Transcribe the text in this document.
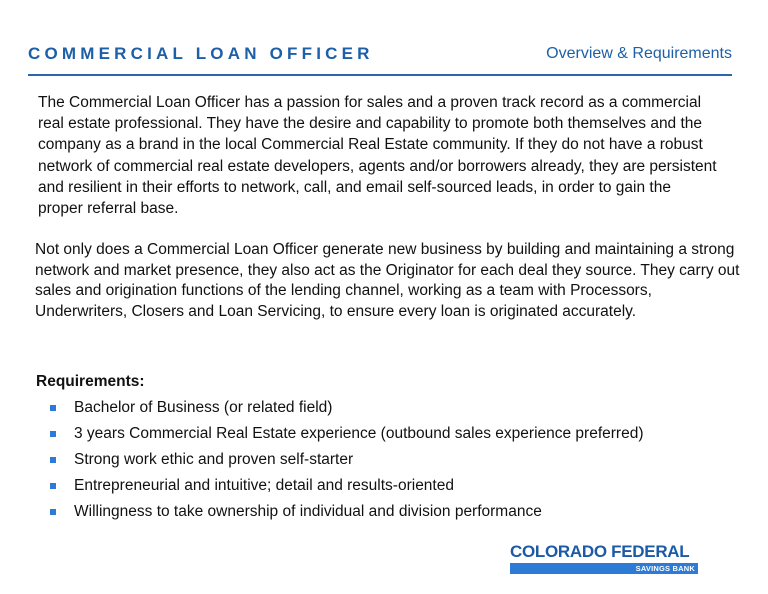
COMMERCIAL LOAN OFFICER	Overview & Requirements
The Commercial Loan Officer has a passion for sales and a proven track record as a commercial real estate professional. They have the desire and capability to promote both themselves and the company as a brand in the local Commercial Real Estate community. If they do not have a robust network of commercial real estate developers, agents and/or borrowers already, they are persistent and resilient in their efforts to network, call, and email self-sourced leads, in order to gain the proper referral base.
Not only does a Commercial Loan Officer generate new business by building and maintaining a strong network and market presence, they also act as the Originator for each deal they source. They carry out sales and origination functions of the lending channel, working as a team with Processors, Underwriters, Closers and Loan Servicing, to ensure every loan is originated accurately.
Requirements:
Bachelor of Business (or related field)
3 years Commercial Real Estate experience (outbound sales experience preferred)
Strong work ethic and proven self-starter
Entrepreneurial and intuitive; detail and results-oriented
Willingness to take ownership of individual and division performance
COLORADO FEDERAL
SAVINGS BANK
